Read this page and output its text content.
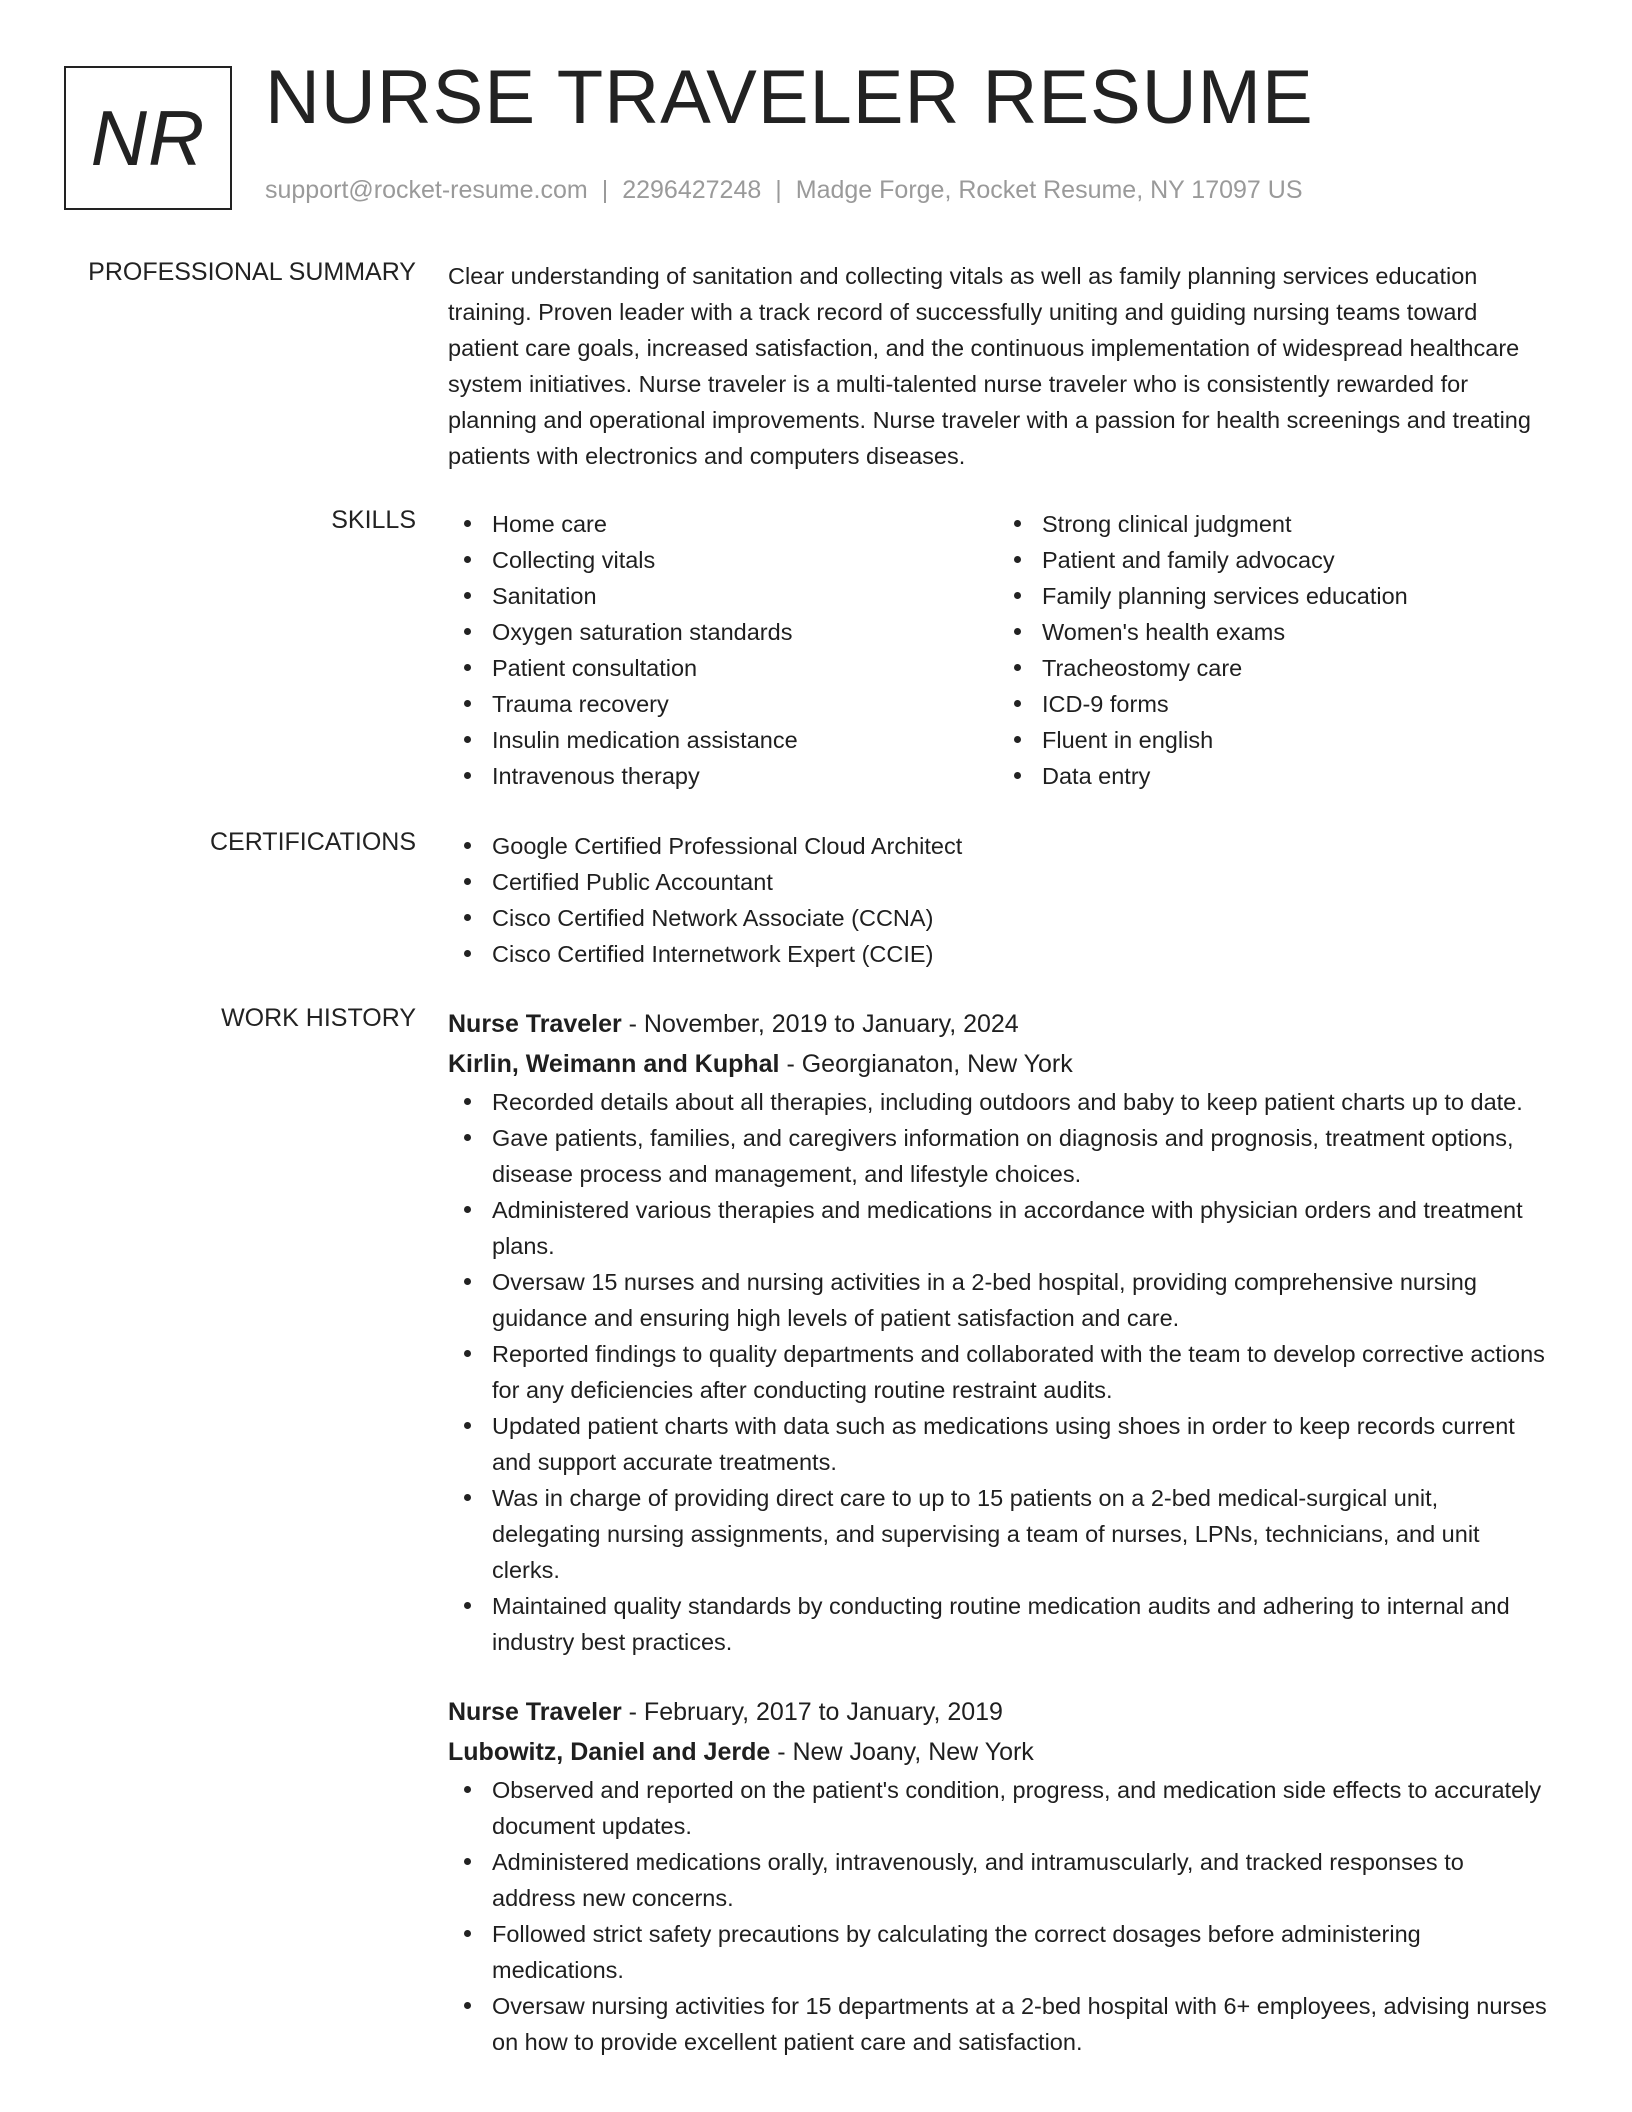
NR NURSE TRAVELER RESUME
support@rocket-resume.com | 2296427248 | Madge Forge, Rocket Resume, NY 17097 US
PROFESSIONAL SUMMARY Clear understanding of sanitation and collecting vitals as well as family planning services education training. Proven leader with a track record of successfully uniting and guiding nursing teams toward patient care goals, increased satisfaction, and the continuous implementation of widespread healthcare system initiatives. Nurse traveler is a multi-talented nurse traveler who is consistently rewarded for planning and operational improvements. Nurse traveler with a passion for health screenings and treating patients with electronics and computers diseases.

SKILLS	Home care
Collecting vitals
Sanitation
Oxygen saturation standards
Patient consultation
Trauma recovery
Insulin medication assistance
Intravenous therapy
Strong clinical judgment
Patient and family advocacy
Family planning services education
Women's health exams
Tracheostomy care
ICD-9 forms
Fluent in english
Data entry
CERTIFICATIONS	Google Certified Professional Cloud Architect
Certified Public Accountant
Cisco Certified Network Associate (CCNA)
Cisco Certified Internetwork Expert (CCIE)
WORK HISTORY Nurse Traveler - November, 2019 to January, 2024
Kirlin, Weimann and Kuphal - Georgianaton, New York
Recorded details about all therapies, including outdoors and baby to keep patient charts up to date.
Gave patients, families, and caregivers information on diagnosis and prognosis, treatment options, disease process and management, and lifestyle choices.
Administered various therapies and medications in accordance with physician orders and treatment plans.
Oversaw 15 nurses and nursing activities in a 2-bed hospital, providing comprehensive nursing guidance and ensuring high levels of patient satisfaction and care.
Reported findings to quality departments and collaborated with the team to develop corrective actions for any deficiencies after conducting routine restraint audits.
Updated patient charts with data such as medications using shoes in order to keep records current and support accurate treatments.
Was in charge of providing direct care to up to 15 patients on a 2-bed medical-surgical unit, delegating nursing assignments, and supervising a team of nurses, LPNs, technicians, and unit clerks.
Maintained quality standards by conducting routine medication audits and adhering to internal and industry best practices.
Nurse Traveler - February, 2017 to January, 2019
Lubowitz, Daniel and Jerde - New Joany, New York
Observed and reported on the patient's condition, progress, and medication side effects to accurately document updates.
Administered medications orally, intravenously, and intramuscularly, and tracked responses to address new concerns.
Followed strict safety precautions by calculating the correct dosages before administering medications.
Oversaw nursing activities for 15 departments at a 2-bed hospital with 6+ employees, advising nurses on how to provide excellent patient care and satisfaction.
